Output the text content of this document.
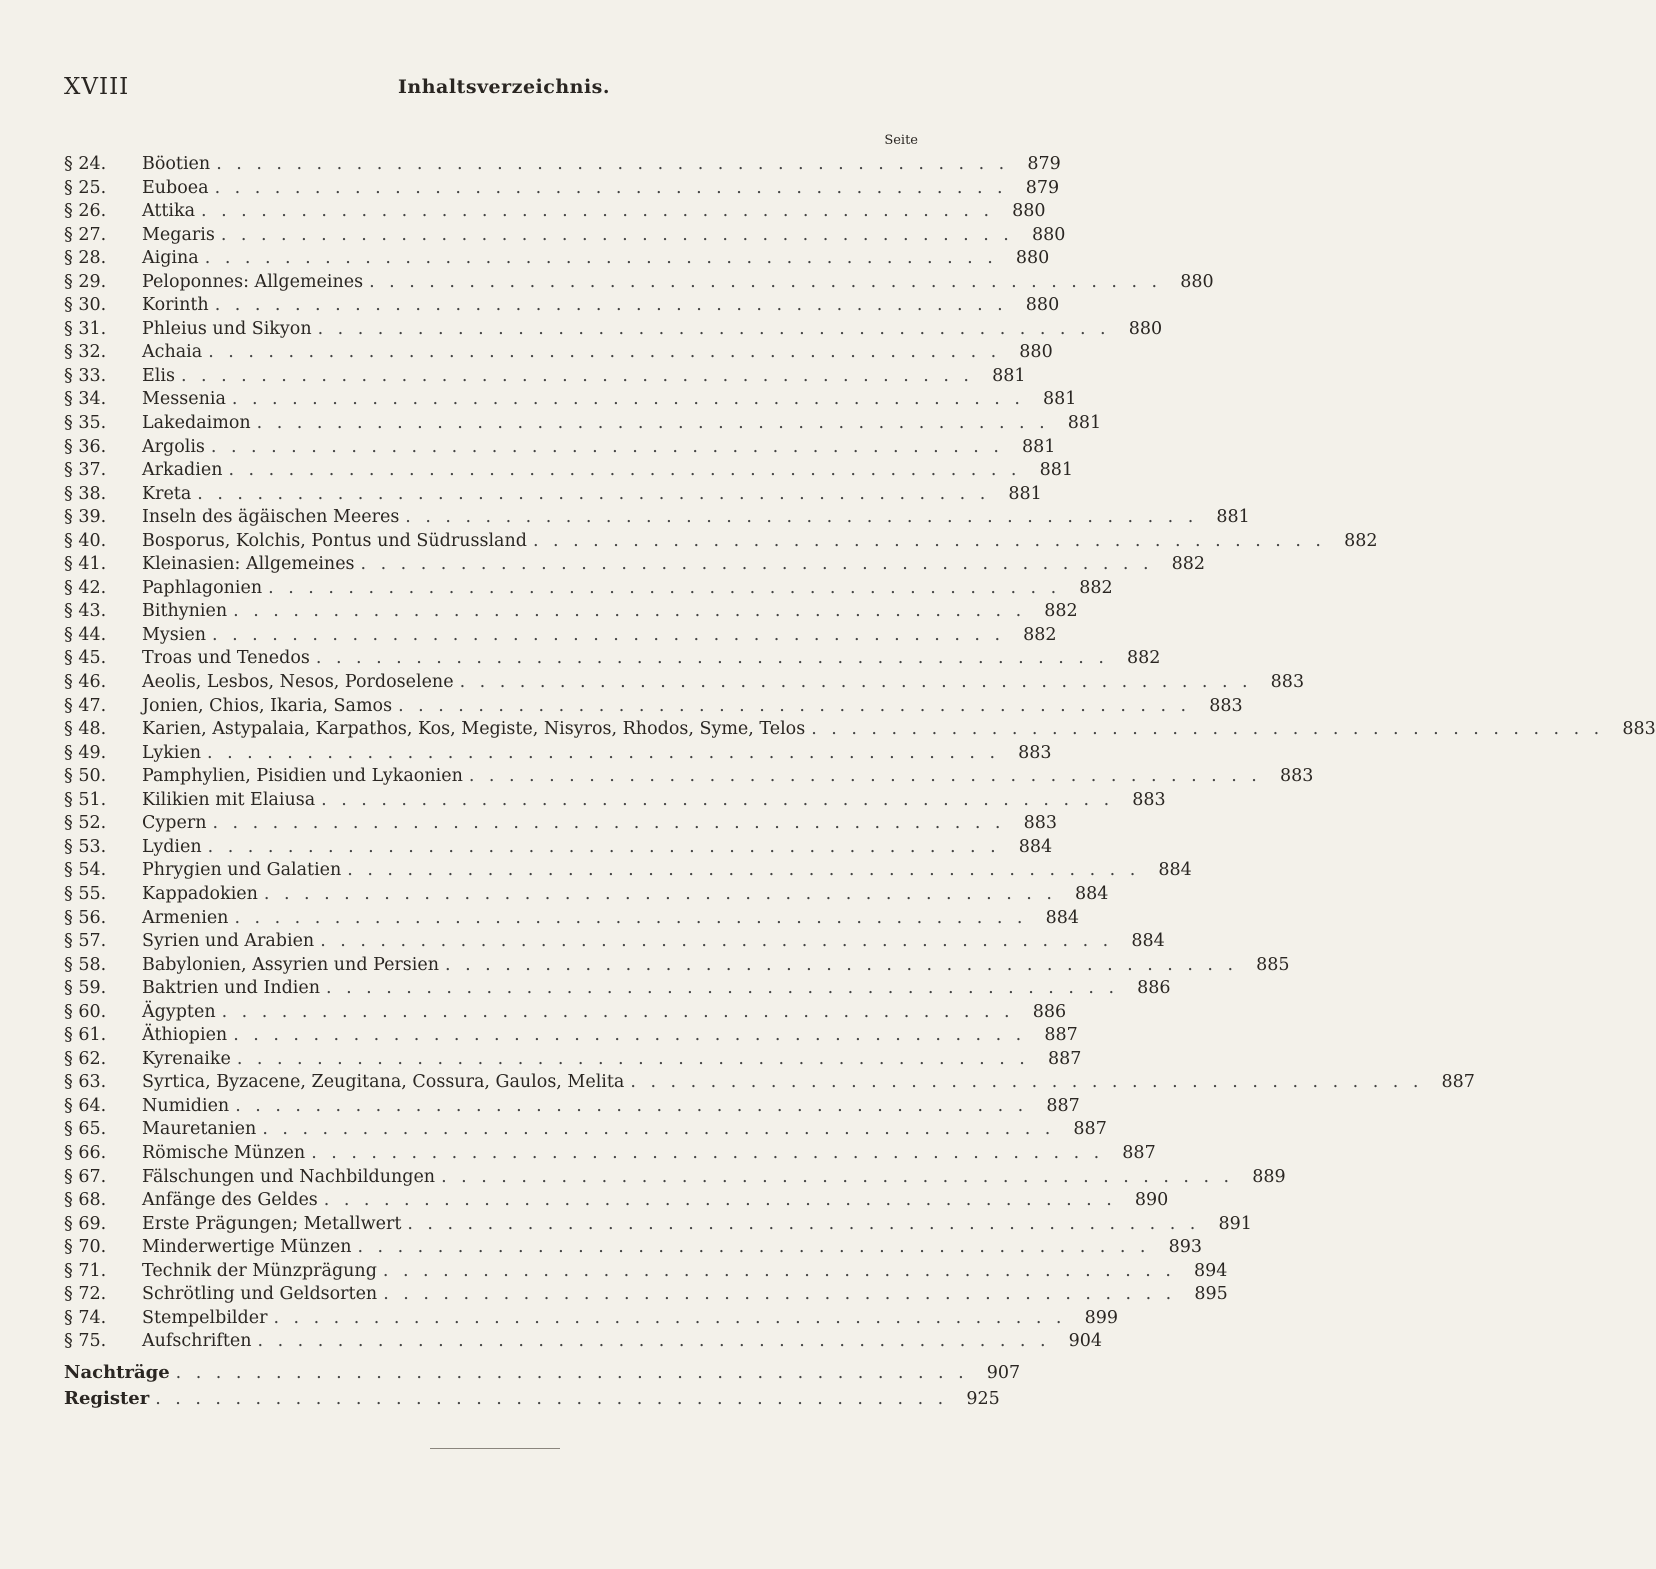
XVIII	Inhaltsverzeichnis.
Seite
§ 24.	Böotien ........................................ 879
§ 25.	Euboea ........................................ 879
§ 26.	Attika ........................................ 880
§ 27.	Megaris ........................................ 880
§ 28.	Aigina ........................................ 880
§ 29.	Peloponnes: Allgemeines ........................................ 880
§ 30.	Korinth ........................................ 880
§ 31.	Phleius und Sikyon ........................................ 880
§ 32.	Achaia ........................................ 880
§ 33.	Elis ........................................ 881
§ 34.	Messenia ........................................ 881
§ 35.	Lakedaimon ........................................ 881
§ 36.	Argolis ........................................ 881
§ 37.	Arkadien ........................................ 881
§ 38.	Kreta ........................................ 881
§ 39.	Inseln des ägäischen Meeres ........................................ 881
§ 40.	Bosporus, Kolchis, Pontus und Südrussland ........................................ 882
§ 41.	Kleinasien: Allgemeines ........................................ 882
§ 42.	Paphlagonien ........................................ 882
§ 43.	Bithynien ........................................ 882
§ 44.	Mysien ........................................ 882
§ 45.	Troas und Tenedos ........................................ 882
§ 46.	Aeolis, Lesbos, Nesos, Pordoselene ........................................ 883
§ 47.	Jonien, Chios, Ikaria, Samos ........................................ 883
§ 48.	Karien, Astypalaia, Karpathos, Kos, Megiste, Nisyros, Rhodos, Syme, Telos ........................................ 883
§ 49.	Lykien ........................................ 883
§ 50.	Pamphylien, Pisidien und Lykaonien ........................................ 883
§ 51.	Kilikien mit Elaiusa ........................................ 883
§ 52.	Cypern ........................................ 883
§ 53.	Lydien ........................................ 884
§ 54.	Phrygien und Galatien ........................................ 884
§ 55.	Kappadokien ........................................ 884
§ 56.	Armenien ........................................ 884
§ 57.	Syrien und Arabien ........................................ 884
§ 58.	Babylonien, Assyrien und Persien ........................................ 885
§ 59.	Baktrien und Indien ........................................ 886
§ 60.	Ägypten ........................................ 886
§ 61.	Äthiopien ........................................ 887
§ 62.	Kyrenaike ........................................ 887
§ 63.	Syrtica, Byzacene, Zeugitana, Cossura, Gaulos, Melita ........................................ 887
§ 64.	Numidien ........................................ 887
§ 65.	Mauretanien ........................................ 887
§ 66.	Römische Münzen ........................................ 887
§ 67.	Fälschungen und Nachbildungen ........................................ 889
§ 68.	Anfänge des Geldes ........................................ 890
§ 69.	Erste Prägungen; Metallwert ........................................ 891
§ 70.	Minderwertige Münzen ........................................ 893
§ 71.	Technik der Münzprägung ........................................ 894
§ 72.	Schrötling und Geldsorten ........................................ 895
§ 74.	Stempelbilder ........................................ 899
§ 75.	Aufschriften ........................................ 904
Nachträge ........................................ 907
Register ........................................ 925
